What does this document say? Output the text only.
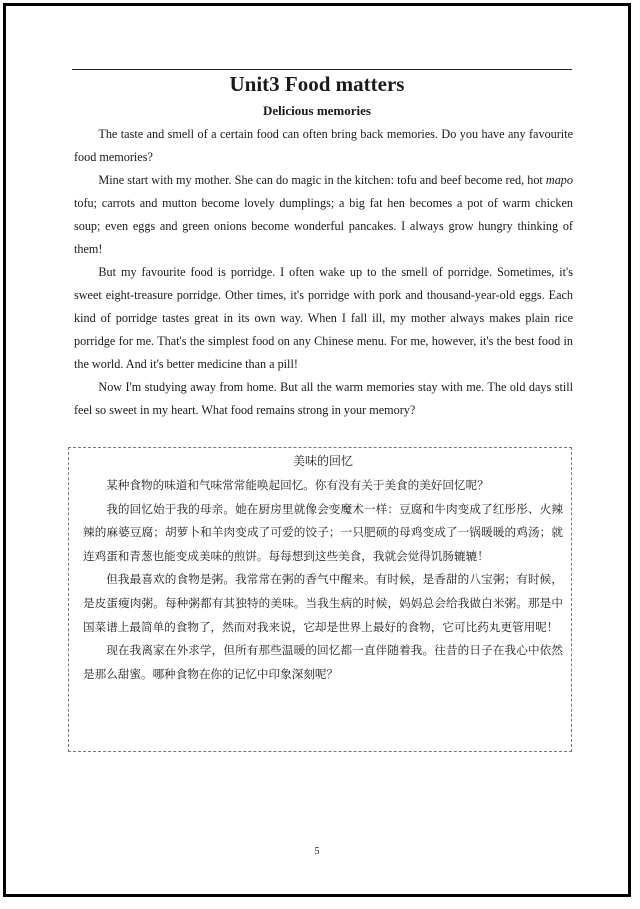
Unit3 Food matters
Delicious memories

The taste and smell of a certain food can often bring back memories. Do you have any favourite food memories?

Mine start with my mother. She can do magic in the kitchen: tofu and beef become red, hot mapo tofu; carrots and mutton become lovely dumplings; a big fat hen becomes a pot of warm chicken soup; even eggs and green onions become wonderful pancakes. I always grow hungry thinking of them!

But my favourite food is porridge. I often wake up to the smell of porridge. Sometimes, it's sweet eight-treasure porridge. Other times, it's porridge with pork and thousand-year-old eggs. Each kind of porridge tastes great in its own way. When I fall ill, my mother always makes plain rice porridge for me. That's the simplest food on any Chinese menu. For me, however, it's the best food in the world. And it's better medicine than a pill!

Now I'm studying away from home. But all the warm memories stay with me. The old days still feel so sweet in my heart. What food remains strong in your memory?

美味的回忆

某种食物的味道和气味常常能唤起回忆。你有没有关于美食的美好回忆呢？

我的回忆始于我的母亲。她在厨房里就像会变魔术一样：豆腐和牛肉变成了红彤彤、火辣辣的麻婆豆腐；胡萝卜和羊肉变成了可爱的饺子；一只肥硕的母鸡变成了一锅暖暖的鸡汤；就连鸡蛋和青葱也能变成美味的煎饼。每每想到这些美食，我就会觉得饥肠辘辘！

但我最喜欢的食物是粥。我常常在粥的香气中醒来。有时候，是香甜的八宝粥；有时候，是皮蛋瘦肉粥。每种粥都有其独特的美味。当我生病的时候，妈妈总会给我做白米粥。那是中国菜谱上最简单的食物了，然而对我来说，它却是世界上最好的食物，它可比药丸更管用呢！

现在我离家在外求学，但所有那些温暖的回忆都一直伴随着我。往昔的日子在我心中依然是那么甜蜜。哪种食物在你的记忆中印象深刻呢？

5
